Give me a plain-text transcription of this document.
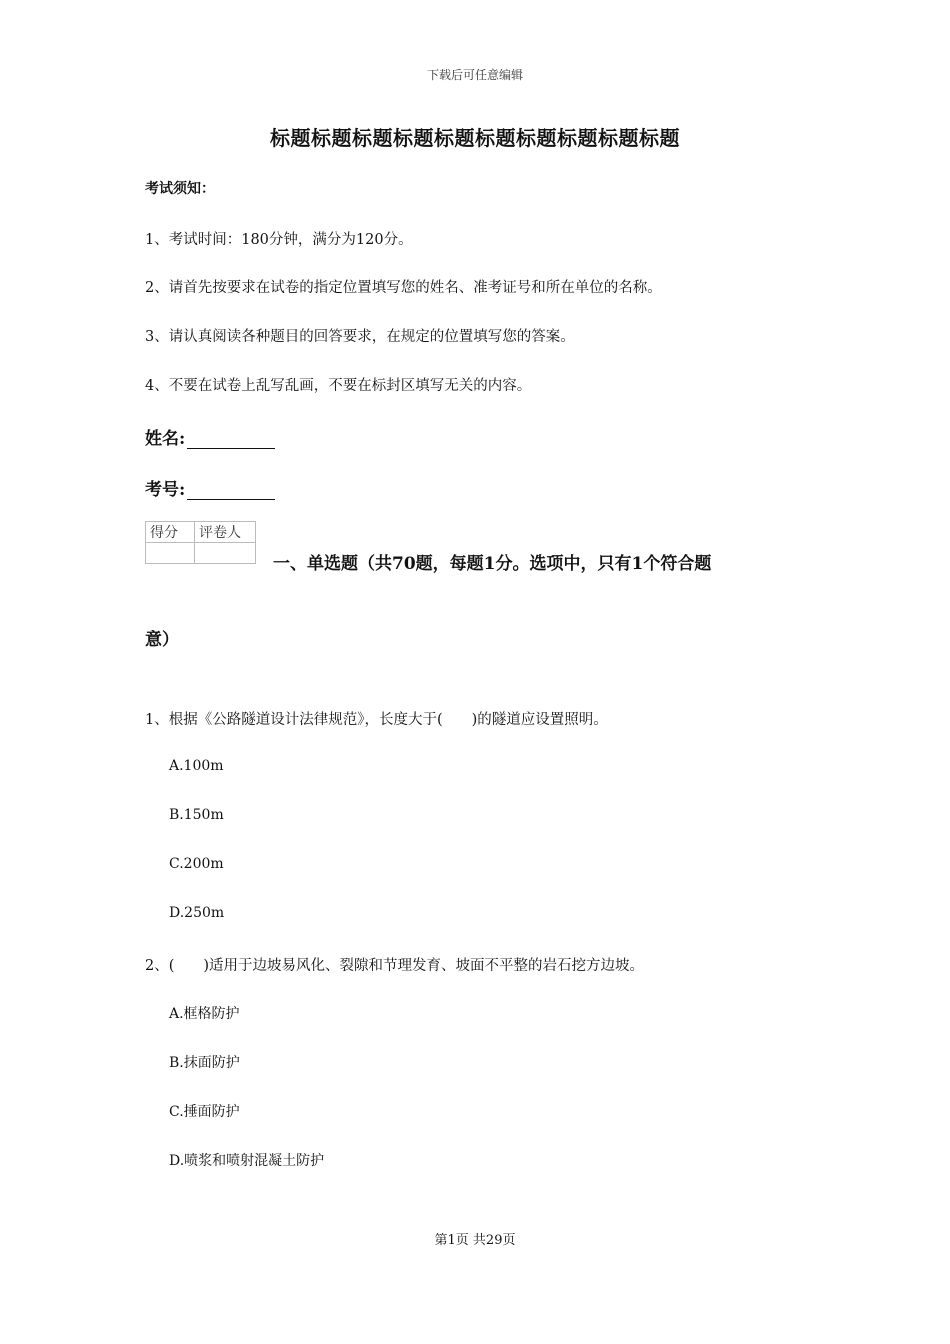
下载后可任意编辑
标题标题标题标题标题标题标题标题标题标题
考试须知：
1、考试时间：180分钟，满分为120分。
2、请首先按要求在试卷的指定位置填写您的姓名、准考证号和所在单位的名称。
3、请认真阅读各种题目的回答要求，在规定的位置填写您的答案。
4、不要在试卷上乱写乱画，不要在标封区填写无关的内容。
姓名:
考号:
得分	评卷人

一、单选题（共70题，每题1分。选项中，只有1个符合题
意）
1、根据《公路隧道设计法律规范》，长度大于(　　)的隧道应设置照明。
A.100m
B.150m
C.200m
D.250m
2、(　　)适用于边坡易风化、裂隙和节理发育、坡面不平整的岩石挖方边坡。
A.框格防护
B.抹面防护
C.捶面防护
D.喷浆和喷射混凝土防护
第1页 共29页
